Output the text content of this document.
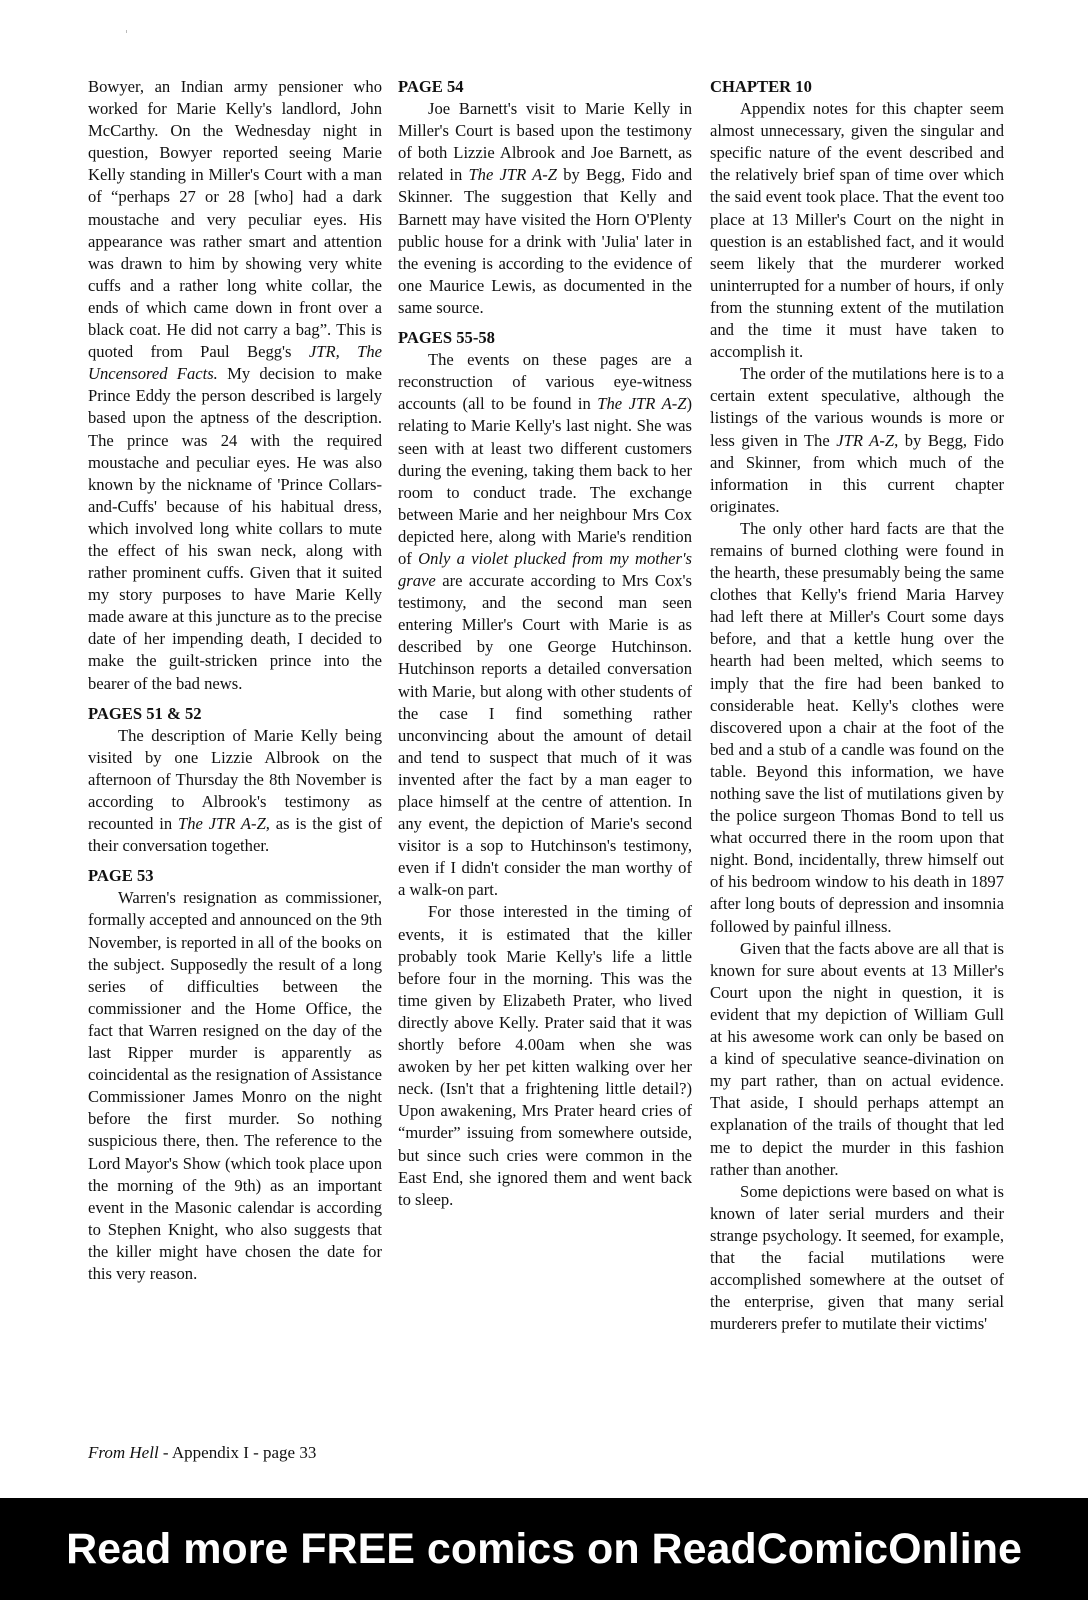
Bowyer, an Indian army pensioner who worked for Marie Kelly's landlord, John McCarthy. On the Wednesday night in question, Bowyer reported seeing Marie Kelly standing in Miller's Court with a man of “perhaps 27 or 28 [who] had a dark moustache and very peculiar eyes. His appearance was rather smart and attention was drawn to him by showing very white cuffs and a rather long white collar, the ends of which came down in front over a black coat. He did not carry a bag”. This is quoted from Paul Begg's JTR, The Uncensored Facts. My decision to make Prince Eddy the person described is largely based upon the aptness of the description. The prince was 24 with the required moustache and peculiar eyes. He was also known by the nickname of 'Prince Collars-and-Cuffs' because of his habitual dress, which involved long white collars to mute the effect of his swan neck, along with rather prominent cuffs. Given that it suited my story purposes to have Marie Kelly made aware at this juncture as to the precise date of her impending death, I decided to make the guilt-stricken prince into the bearer of the bad news.

PAGES 51 & 52

The description of Marie Kelly being visited by one Lizzie Albrook on the afternoon of Thursday the 8th November is according to Albrook's testimony as recounted in The JTR A-Z, as is the gist of their conversation together.

PAGE 53

Warren's resignation as commissioner, formally accepted and announced on the 9th November, is reported in all of the books on the subject. Supposedly the result of a long series of difficulties between the commissioner and the Home Office, the fact that Warren resigned on the day of the last Ripper murder is apparently as coincidental as the resignation of Assistance Commissioner James Monro on the night before the first murder. So nothing suspicious there, then. The reference to the Lord Mayor's Show (which took place upon the morning of the 9th) as an important event in the Masonic calendar is according to Stephen Knight, who also suggests that the killer might have chosen the date for this very reason.

PAGE 54

Joe Barnett's visit to Marie Kelly in Miller's Court is based upon the testimony of both Lizzie Albrook and Joe Barnett, as related in The JTR A-Z by Begg, Fido and Skinner. The suggestion that Kelly and Barnett may have visited the Horn O'Plenty public house for a drink with 'Julia' later in the evening is according to the evidence of one Maurice Lewis, as documented in the same source.

PAGES 55-58

The events on these pages are a reconstruction of various eye-witness accounts (all to be found in The JTR A-Z) relating to Marie Kelly's last night. She was seen with at least two different customers during the evening, taking them back to her room to conduct trade. The exchange between Marie and her neighbour Mrs Cox depicted here, along with Marie's rendition of Only a violet plucked from my mother's grave are accurate according to Mrs Cox's testimony, and the second man seen entering Miller's Court with Marie is as described by one George Hutchinson. Hutchinson reports a detailed conversation with Marie, but along with other students of the case I find something rather unconvincing about the amount of detail and tend to suspect that much of it was invented after the fact by a man eager to place himself at the centre of attention. In any event, the depiction of Marie's second visitor is a sop to Hutchinson's testimony, even if I didn't consider the man worthy of a walk-on part.

For those interested in the timing of events, it is estimated that the killer probably took Marie Kelly's life a little before four in the morning. This was the time given by Elizabeth Prater, who lived directly above Kelly. Prater said that it was shortly before 4.00am when she was awoken by her pet kitten walking over her neck. (Isn't that a frightening little detail?) Upon awakening, Mrs Prater heard cries of “murder” issuing from somewhere outside, but since such cries were common in the East End, she ignored them and went back to sleep.

CHAPTER 10

Appendix notes for this chapter seem almost unnecessary, given the singular and specific nature of the event described and the relatively brief span of time over which the said event took place. That the event too place at 13 Miller's Court on the night in question is an established fact, and it would seem likely that the murderer worked uninterrupted for a number of hours, if only from the stunning extent of the mutilation and the time it must have taken to accomplish it.

The order of the mutilations here is to a certain extent speculative, although the listings of the various wounds is more or less given in The JTR A-Z, by Begg, Fido and Skinner, from which much of the information in this current chapter originates.

The only other hard facts are that the remains of burned clothing were found in the hearth, these presumably being the same clothes that Kelly's friend Maria Harvey had left there at Miller's Court some days before, and that a kettle hung over the hearth had been melted, which seems to imply that the fire had been banked to considerable heat. Kelly's clothes were discovered upon a chair at the foot of the bed and a stub of a candle was found on the table. Beyond this information, we have nothing save the list of mutilations given by the police surgeon Thomas Bond to tell us what occurred there in the room upon that night. Bond, incidentally, threw himself out of his bedroom window to his death in 1897 after long bouts of depression and insomnia followed by painful illness.

Given that the facts above are all that is known for sure about events at 13 Miller's Court upon the night in question, it is evident that my depiction of William Gull at his awesome work can only be based on a kind of speculative seance-divination on my part rather, than on actual evidence. That aside, I should perhaps attempt an explanation of the trails of thought that led me to depict the murder in this fashion rather than another.

Some depictions were based on what is known of later serial murders and their strange psychology. It seemed, for example, that the facial mutilations were accomplished somewhere at the outset of the enterprise, given that many serial murderers prefer to mutilate their victims'

From Hell - Appendix I - page 33
Read more FREE comics on ReadComicOnline
